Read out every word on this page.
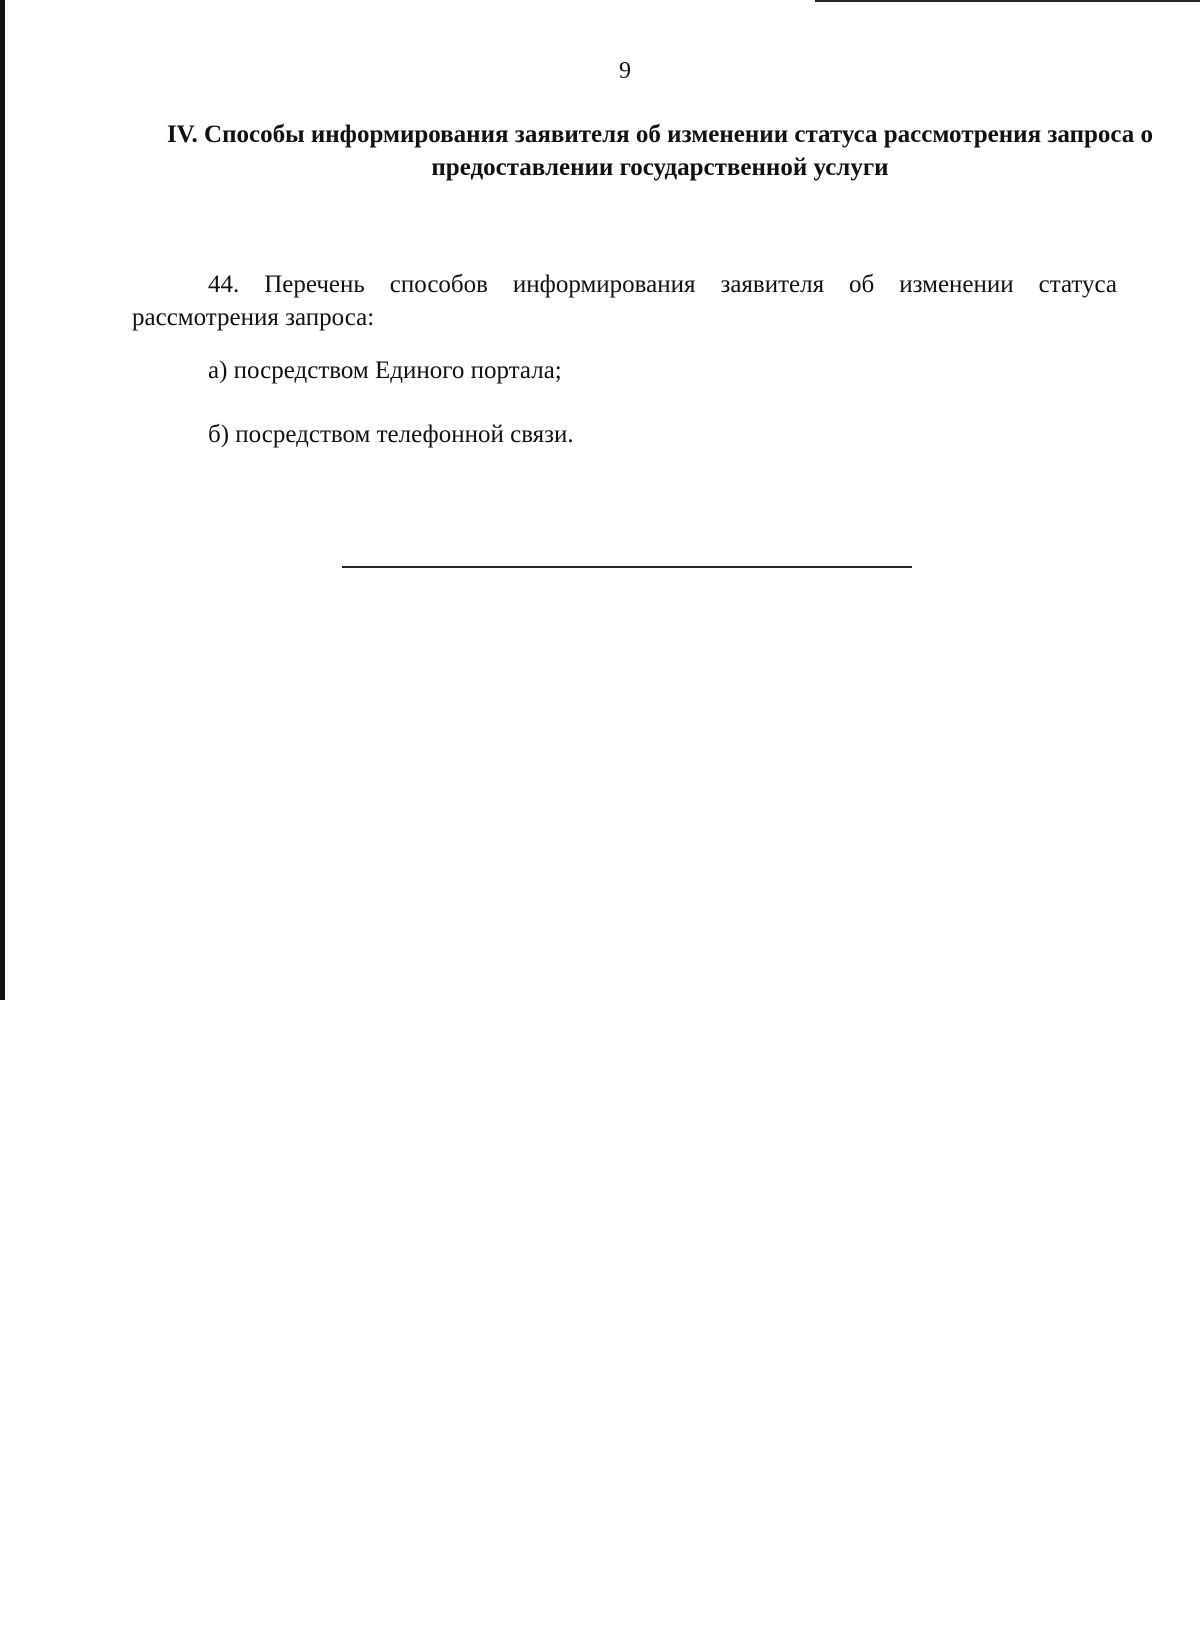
9
IV. Способы информирования заявителя об изменении статуса рассмотрения запроса о предоставлении государственной услуги
44. Перечень способов информирования заявителя об изменении статуса рассмотрения запроса:
а) посредством Единого портала;
б) посредством телефонной связи.
